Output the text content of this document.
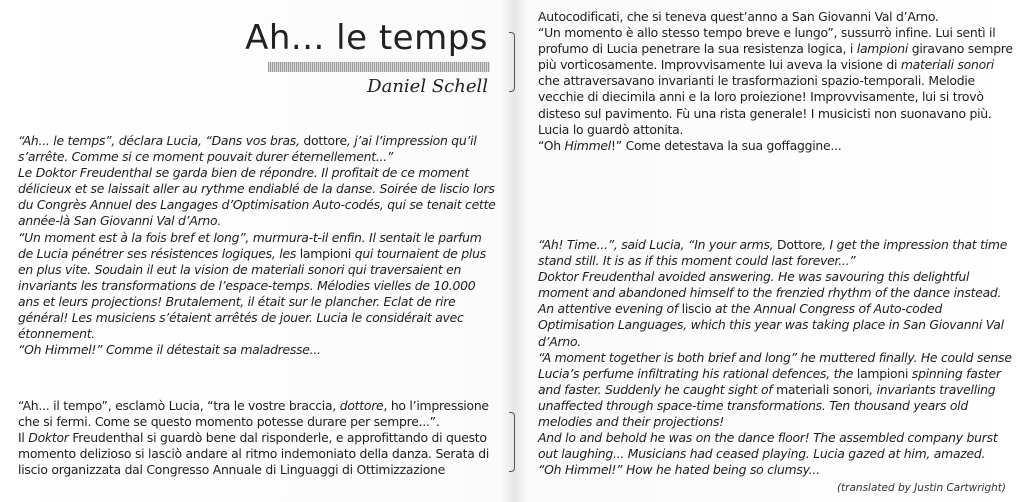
Ah... le temps
Daniel Schell

“Ah... le temps”, déclara Lucia, “Dans vos bras, dottore, j’ai l’impression qu’il s’arrête. Comme si ce moment pouvait durer éternellement...”

Le Doktor Freudenthal se garda bien de répondre. Il profitait de ce moment délicieux et se laissait aller au rythme endiablé de la danse. Soirée de liscio lors du Congrès Annuel des Langages d’Optimisation Auto-codés, qui se tenait cette année-là San Giovanni Val d’Arno.

“Un moment est à la fois bref et long”, murmura-t-il enfin. Il sentait le parfum de Lucia pénétrer ses résistences logiques, les lampioni qui tournaient de plus en plus vite. Soudain il eut la vision de materiali sonori qui traversaient en invariants les transformations de l’espace-temps. Mélodies vielles de 10.000 ans et leurs projections! Brutalement, il était sur le plancher. Eclat de rire général! Les musiciens s’étaient arrêtés de jouer. Lucia le considérait avec étonnement.

“Oh Himmel!” Comme il détestait sa maladresse...

“Ah... il tempo”, esclamò Lucia, “tra le vostre braccia, dottore, ho l’impressione che si fermi. Come se questo momento potesse durare per sempre...”.

Il Doktor Freudenthal si guardò bene dal risponderle, e approfittando di questo momento delizioso si lasciò andare al ritmo indemoniato della danza. Serata di liscio organizzata dal Congresso Annuale di Linguaggi di Ottimizzazione

Autocodificati, che si teneva quest’anno a San Giovanni Val d’Arno.

“Un momento è allo stesso tempo breve e lungo”, sussurrò infine. Lui sentì il profumo di Lucia penetrare la sua resistenza logica, i lampioni giravano sempre più vorticosamente. Improvvisamente lui aveva la visione di materiali sonori che attraversavano invarianti le trasformazioni spazio-temporali. Melodie vecchie di diecimila anni e la loro proiezione! Improvvisamente, lui si trovò disteso sul pavimento. Fù una rista generale! I musicisti non suonavano più. Lucia lo guardò attonita.

“Oh Himmel!” Come detestava la sua goffaggine...

“Ah! Time...”, said Lucia, “In your arms, Dottore, I get the impression that time stand still. It is as if this moment could last forever...”

Doktor Freudenthal avoided answering. He was savouring this delightful moment and abandoned himself to the frenzied rhythm of the dance instead. An attentive evening of liscio at the Annual Congress of Auto-coded Optimisation Languages, which this year was taking place in San Giovanni Val d’Arno.

“A moment together is both brief and long” he muttered finally. He could sense Lucia’s perfume infiltrating his rational defences, the lampioni spinning faster and faster. Suddenly he caught sight of materiali sonori, invariants travelling unaffected through space-time transformations. Ten thousand years old melodies and their projections!

And lo and behold he was on the dance floor! The assembled company burst out laughing... Musicians had ceased playing. Lucia gazed at him, amazed.

“Oh Himmel!” How he hated being so clumsy...

(translated by Justin Cartwright)
